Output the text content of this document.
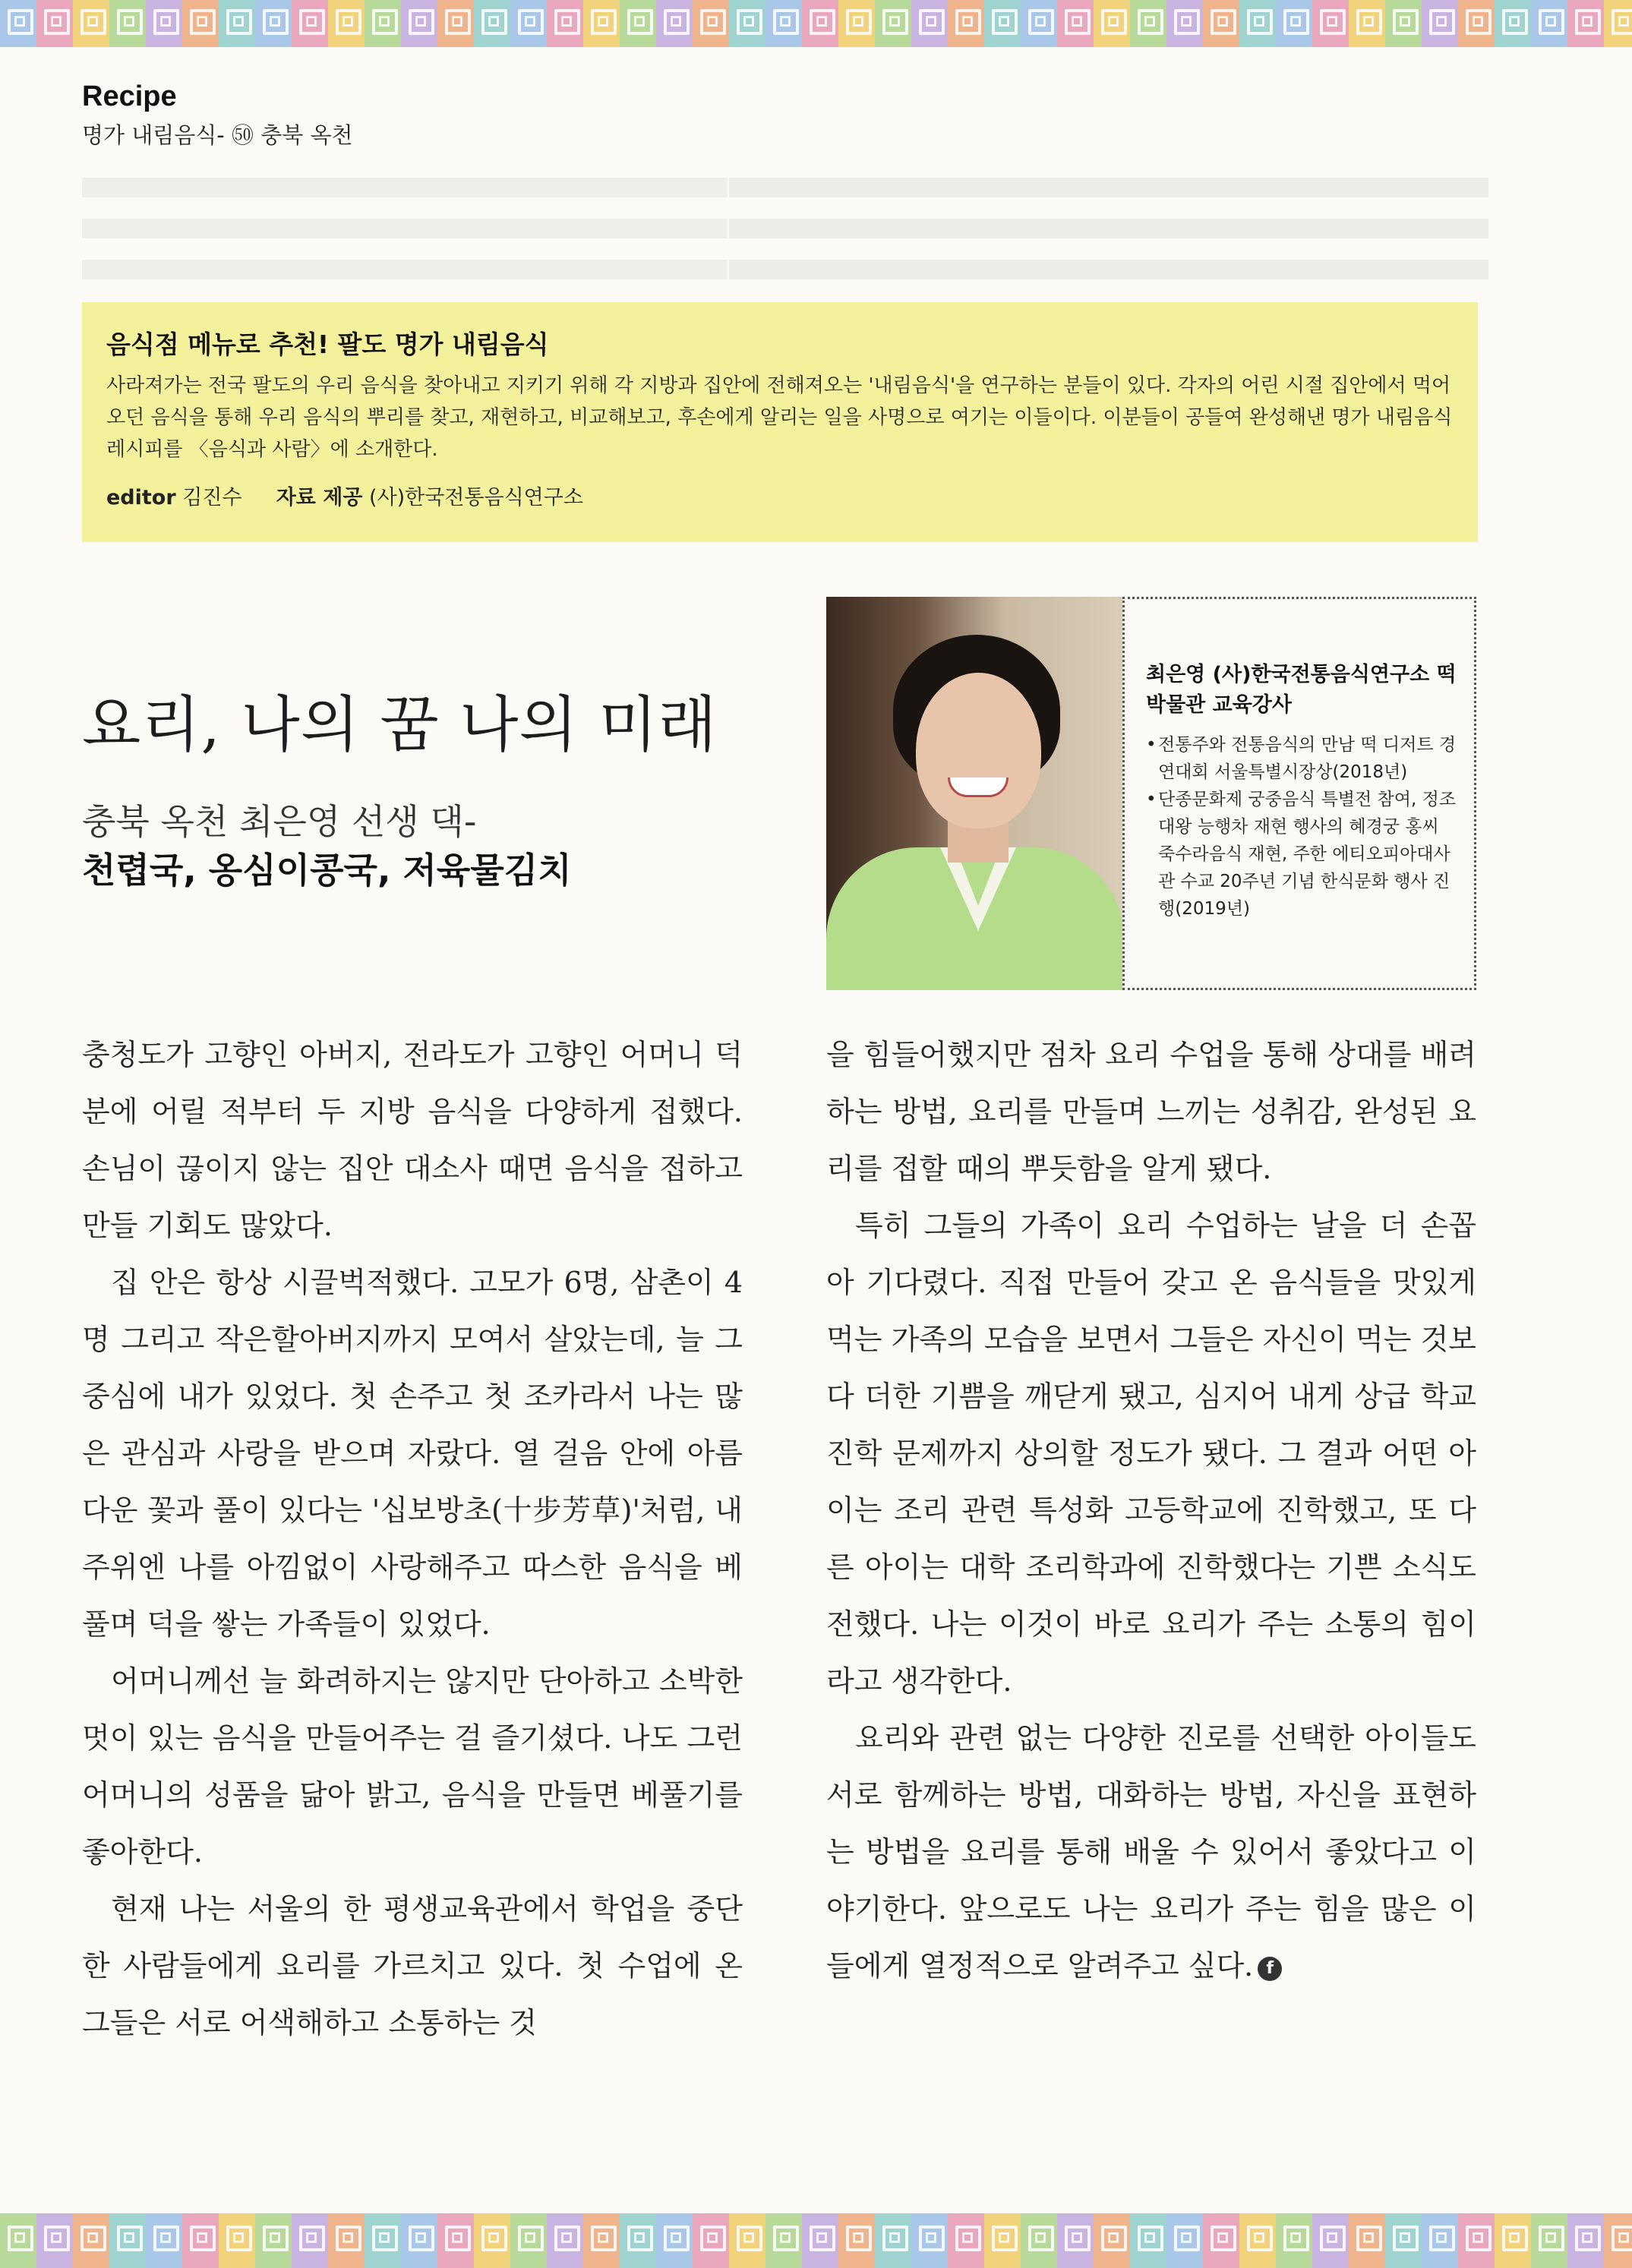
Recipe
명가 내림음식- ㊿ 충북 옥천
음식점 메뉴로 추천! 팔도 명가 내림음식
사라져가는 전국 팔도의 우리 음식을 찾아내고 지키기 위해 각 지방과 집안에 전해져오는 '내림음식'을 연구하는 분들이 있다. 각자의 어린 시절 집안에서 먹어오던 음식을 통해 우리 음식의 뿌리를 찾고, 재현하고, 비교해보고, 후손에게 알리는 일을 사명으로 여기는 이들이다. 이분들이 공들여 완성해낸 명가 내림음식 레시피를 〈음식과 사람〉에 소개한다.
editor 김진수 자료 제공 (사)한국전통음식연구소
요리, 나의 꿈 나의 미래
충북 옥천 최은영 선생 댁-
천렵국, 옹심이콩국, 저육물김치
최은영 (사)한국전통음식연구소 떡박물관 교육강사
• 전통주와 전통음식의 만남 떡 디저트 경연대회 서울특별시장상(2018년)
• 단종문화제 궁중음식 특별전 참여, 정조대왕 능행차 재현 행사의 혜경궁 홍씨 죽수라음식 재현, 주한 에티오피아대사관 수교 20주년 기념 한식문화 행사 진행(2019년)

충청도가 고향인 아버지, 전라도가 고향인 어머니 덕분에 어릴 적부터 두 지방 음식을 다양하게 접했다. 손님이 끊이지 않는 집안 대소사 때면 음식을 접하고 만들 기회도 많았다.

집 안은 항상 시끌벅적했다. 고모가 6명, 삼촌이 4명 그리고 작은할아버지까지 모여서 살았는데, 늘 그 중심에 내가 있었다. 첫 손주고 첫 조카라서 나는 많은 관심과 사랑을 받으며 자랐다. 열 걸음 안에 아름다운 꽃과 풀이 있다는 '십보방초(十步芳草)'처럼, 내 주위엔 나를 아낌없이 사랑해주고 따스한 음식을 베풀며 덕을 쌓는 가족들이 있었다.

어머니께선 늘 화려하지는 않지만 단아하고 소박한 멋이 있는 음식을 만들어주는 걸 즐기셨다. 나도 그런 어머니의 성품을 닮아 밝고, 음식을 만들면 베풀기를 좋아한다.

현재 나는 서울의 한 평생교육관에서 학업을 중단한 사람들에게 요리를 가르치고 있다. 첫 수업에 온 그들은 서로 어색해하고 소통하는 것

을 힘들어했지만 점차 요리 수업을 통해 상대를 배려하는 방법, 요리를 만들며 느끼는 성취감, 완성된 요리를 접할 때의 뿌듯함을 알게 됐다.

특히 그들의 가족이 요리 수업하는 날을 더 손꼽아 기다렸다. 직접 만들어 갖고 온 음식들을 맛있게 먹는 가족의 모습을 보면서 그들은 자신이 먹는 것보다 더한 기쁨을 깨닫게 됐고, 심지어 내게 상급 학교 진학 문제까지 상의할 정도가 됐다. 그 결과 어떤 아이는 조리 관련 특성화 고등학교에 진학했고, 또 다른 아이는 대학 조리학과에 진학했다는 기쁜 소식도 전했다. 나는 이것이 바로 요리가 주는 소통의 힘이라고 생각한다.

요리와 관련 없는 다양한 진로를 선택한 아이들도 서로 함께하는 방법, 대화하는 방법, 자신을 표현하는 방법을 요리를 통해 배울 수 있어서 좋았다고 이야기한다. 앞으로도 나는 요리가 주는 힘을 많은 이들에게 열정적으로 알려주고 싶다. f
